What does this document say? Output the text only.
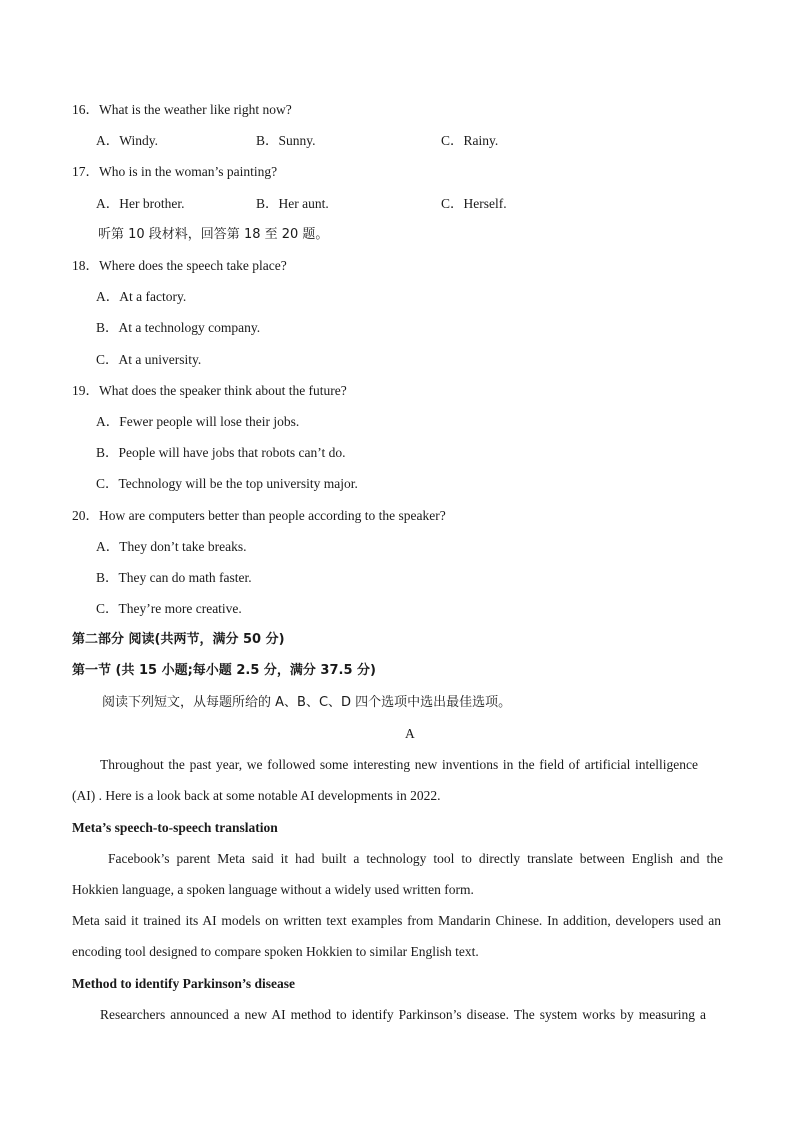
16．What is the weather like right now?
A．Windy.	B．Sunny.	C．Rainy.
17．Who is in the woman’s painting?
A．Her brother.	B．Her aunt.	C．Herself.
听第 10 段材料，回答第 18 至 20 题。
18．Where does the speech take place?
A．At a factory.
B．At a technology company.
C．At a university.
19．What does the speaker think about the future?
A．Fewer people will lose their jobs.
B．People will have jobs that robots can’t do.
C．Technology will be the top university major.
20．How are computers better than people according to the speaker?
A．They don’t take breaks.
B．They can do math faster.
C．They’re more creative.
第二部分 阅读(共两节，满分 50 分)
第一节 (共 15 小题;每小题 2.5 分，满分 37.5 分)
阅读下列短文，从每题所给的 A、B、C、D 四个选项中选出最佳选项。
A
Throughout the past year, we followed some interesting new inventions in the field of artificial intelligence
(AI) . Here is a look back at some notable AI developments in 2022.
Meta’s speech-to-speech translation
Facebook’s parent Meta said it had built a technology tool to directly translate between English and the
Hokkien language, a spoken language without a widely used written form.
Meta said it trained its AI models on written text examples from Mandarin Chinese. In addition, developers used an
encoding tool designed to compare spoken Hokkien to similar English text.
Method to identify Parkinson’s disease
Researchers announced a new AI method to identify Parkinson’s disease. The system works by measuring a
